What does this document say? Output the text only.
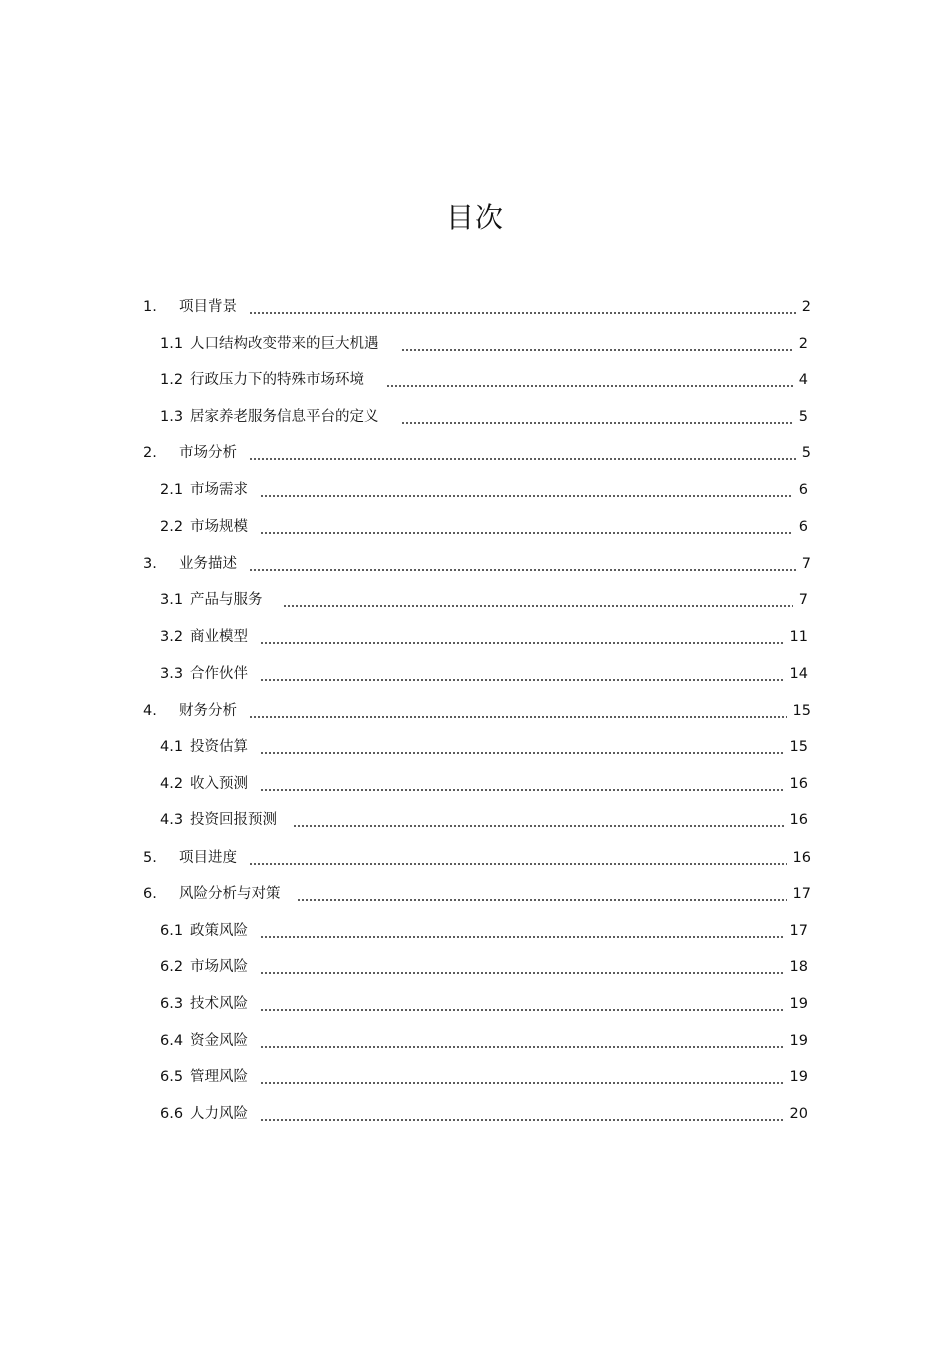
目次
1.	项目背景	2
1.1 人口结构改变带来的巨大机遇	2
1.2 行政压力下的特殊市场环境	4
1.3 居家养老服务信息平台的定义	5
2.	市场分析	5
2.1 市场需求	6
2.2 市场规模	6
3.	业务描述	7
3.1 产品与服务	7
3.2 商业模型	11
3.3 合作伙伴	14
4.	财务分析	15
4.1 投资估算	15
4.2 收入预测	16
4.3 投资回报预测	16
5.	项目进度	16
6.	风险分析与对策	17
6.1 政策风险	17
6.2 市场风险	18
6.3 技术风险	19
6.4 资金风险	19
6.5 管理风险	19
6.6 人力风险	20
